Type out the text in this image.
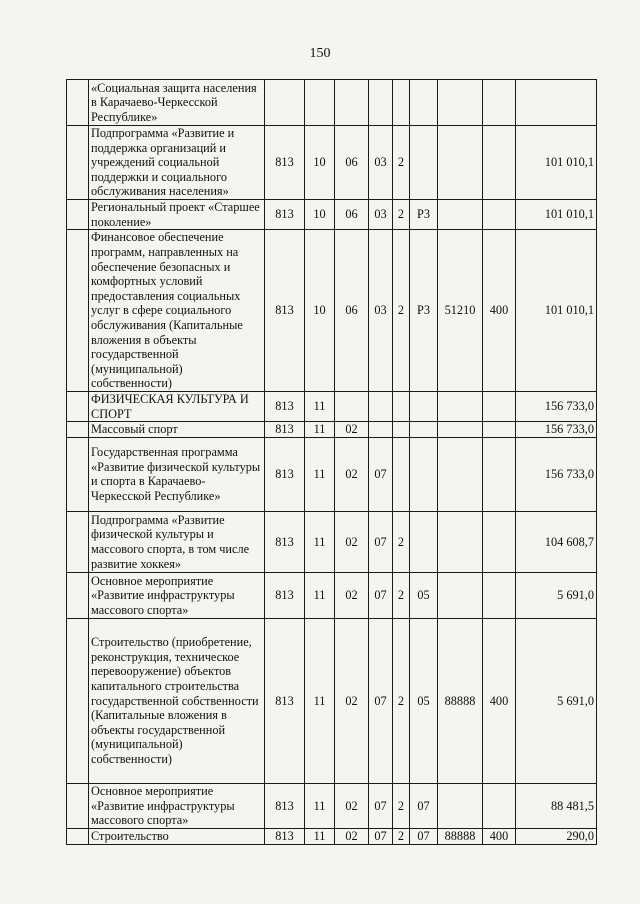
150
	«Социальная защита населения в Карачаево-Черкесской Республике»									
	Подпрограмма «Развитие и поддержка организаций и учреждений социальной поддержки и социального обслуживания населения»	813	10	06	03	2				101 010,1
	Региональный проект «Старшее поколение»	813	10	06	03	2	P3			101 010,1
	Финансовое обеспечение программ, направленных на обеспечение безопасных и комфортных условий предоставления социальных услуг в сфере социального обслуживания (Капитальные вложения в объекты государственной (муниципальной) собственности)	813	10	06	03	2	P3	51210	400	101 010,1
	ФИЗИЧЕСКАЯ КУЛЬТУРА И СПОРТ	813	11							156 733,0
	Массовый спорт	813	11	02						156 733,0
	Государственная программа «Развитие физической культуры и спорта в Карачаево-Черкесской Республике»	813	11	02	07					156 733,0
	Подпрограмма «Развитие физической культуры и массового спорта, в том числе развитие хоккея»	813	11	02	07	2				104 608,7
	Основное мероприятие «Развитие инфраструктуры массового спорта»	813	11	02	07	2	05			5 691,0
	Строительство (приобретение, реконструкция, техническое перевооружение) объектов капитального строительства государственной собственности (Капитальные вложения в объекты государственной (муниципальной) собственности)	813	11	02	07	2	05	88888	400	5 691,0
	Основное мероприятие «Развитие инфраструктуры массового спорта»	813	11	02	07	2	07			88 481,5
	Строительство	813	11	02	07	2	07	88888	400	290,0
